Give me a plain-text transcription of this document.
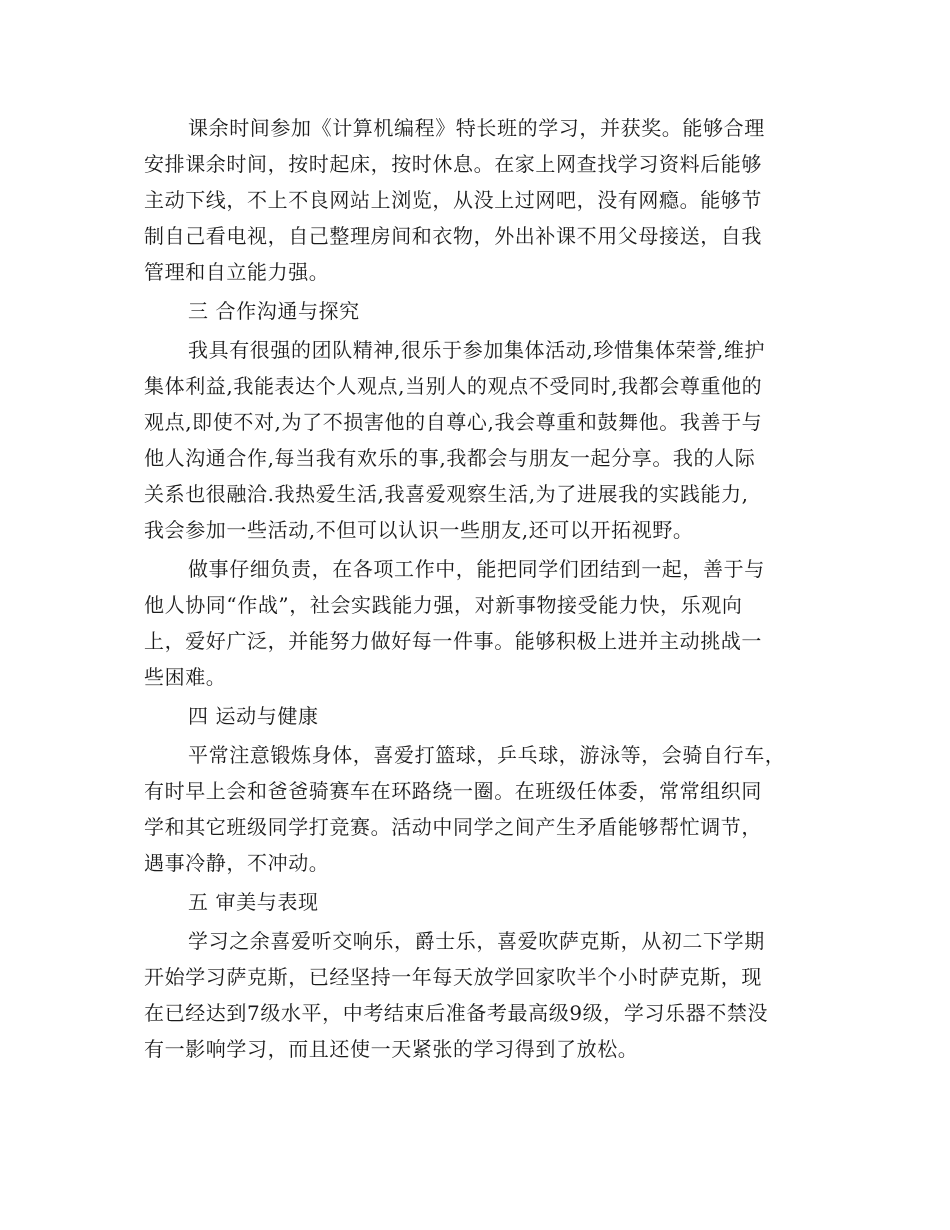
课余时间参加《计算机编程》特长班的学习，并获奖。能够合理
安排课余时间，按时起床，按时休息。在家上网查找学习资料后能够
主动下线，不上不良网站上浏览，从没上过网吧，没有网瘾。能够节
制自己看电视，自己整理房间和衣物，外出补课不用父母接送，自我
管理和自立能力强。
三 合作沟通与探究
我具有很强的团队精神,很乐于参加集体活动,珍惜集体荣誉,维护
集体利益,我能表达个人观点,当别人的观点不受同时,我都会尊重他的
观点,即使不对,为了不损害他的自尊心,我会尊重和鼓舞他。我善于与
他人沟通合作,每当我有欢乐的事,我都会与朋友一起分享。我的人际
关系也很融洽.我热爱生活,我喜爱观察生活,为了进展我的实践能力,
我会参加一些活动,不但可以认识一些朋友,还可以开拓视野。
做事仔细负责，在各项工作中，能把同学们团结到一起，善于与
他人协同“作战”，社会实践能力强，对新事物接受能力快，乐观向
上，爱好广泛，并能努力做好每一件事。能够积极上进并主动挑战一
些困难。
四 运动与健康
平常注意锻炼身体，喜爱打篮球，乒乓球，游泳等，会骑自行车，
有时早上会和爸爸骑赛车在环路绕一圈。在班级任体委，常常组织同
学和其它班级同学打竞赛。活动中同学之间产生矛盾能够帮忙调节，
遇事冷静，不冲动。
五 审美与表现
学习之余喜爱听交响乐，爵士乐，喜爱吹萨克斯，从初二下学期
开始学习萨克斯，已经坚持一年每天放学回家吹半个小时萨克斯，现
在已经达到7级水平，中考结束后准备考最高级9级，学习乐器不禁没
有一影响学习，而且还使一天紧张的学习得到了放松。
